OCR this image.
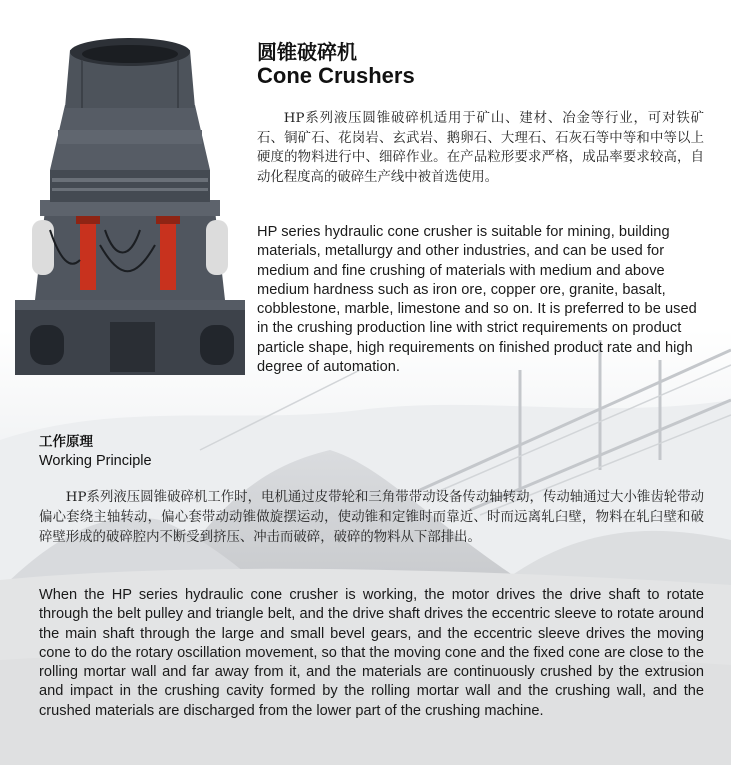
圆锥破碎机
Cone Crushers

HP系列液压圆锥破碎机适用于矿山、建材、冶金等行业，可对铁矿石、铜矿石、花岗岩、玄武岩、鹅卵石、大理石、石灰石等中等和中等以上硬度的物料进行中、细碎作业。在产品粒形要求严格，成品率要求较高，自动化程度高的破碎生产线中被首选使用。

HP series hydraulic cone crusher is suitable for mining, building materials, metallurgy and other industries, and can be used for medium and fine crushing of materials with medium and above medium hardness such as iron ore, copper ore, granite, basalt, cobblestone, marble, limestone and so on. It is preferred to be used in the crushing production line with strict requirements on product particle shape, high requirements on finished product rate and high degree of automation.

工作原理
Working Principle

HP系列液压圆锥破碎机工作时，电机通过皮带轮和三角带带动设备传动轴转动，传动轴通过大小锥齿轮带动偏心套绕主轴转动，偏心套带动动锥做旋摆运动，使动锥和定锥时而靠近、时而远离轧臼壁，物料在轧臼壁和破碎壁形成的破碎腔内不断受到挤压、冲击而破碎，破碎的物料从下部排出。

When the HP series hydraulic cone crusher is working, the motor drives the drive shaft to rotate through the belt pulley and triangle belt, and the drive shaft drives the eccentric sleeve to rotate around the main shaft through the large and small bevel gears, and the eccentric sleeve drives the moving cone to do the rotary oscillation movement, so that the moving cone and the fixed cone are close to the rolling mortar wall and far away from it, and the materials are continuously crushed by the extrusion and impact in the crushing cavity formed by the rolling mortar wall and the crushing wall, and the crushed materials are discharged from the lower part of the crushing machine.
